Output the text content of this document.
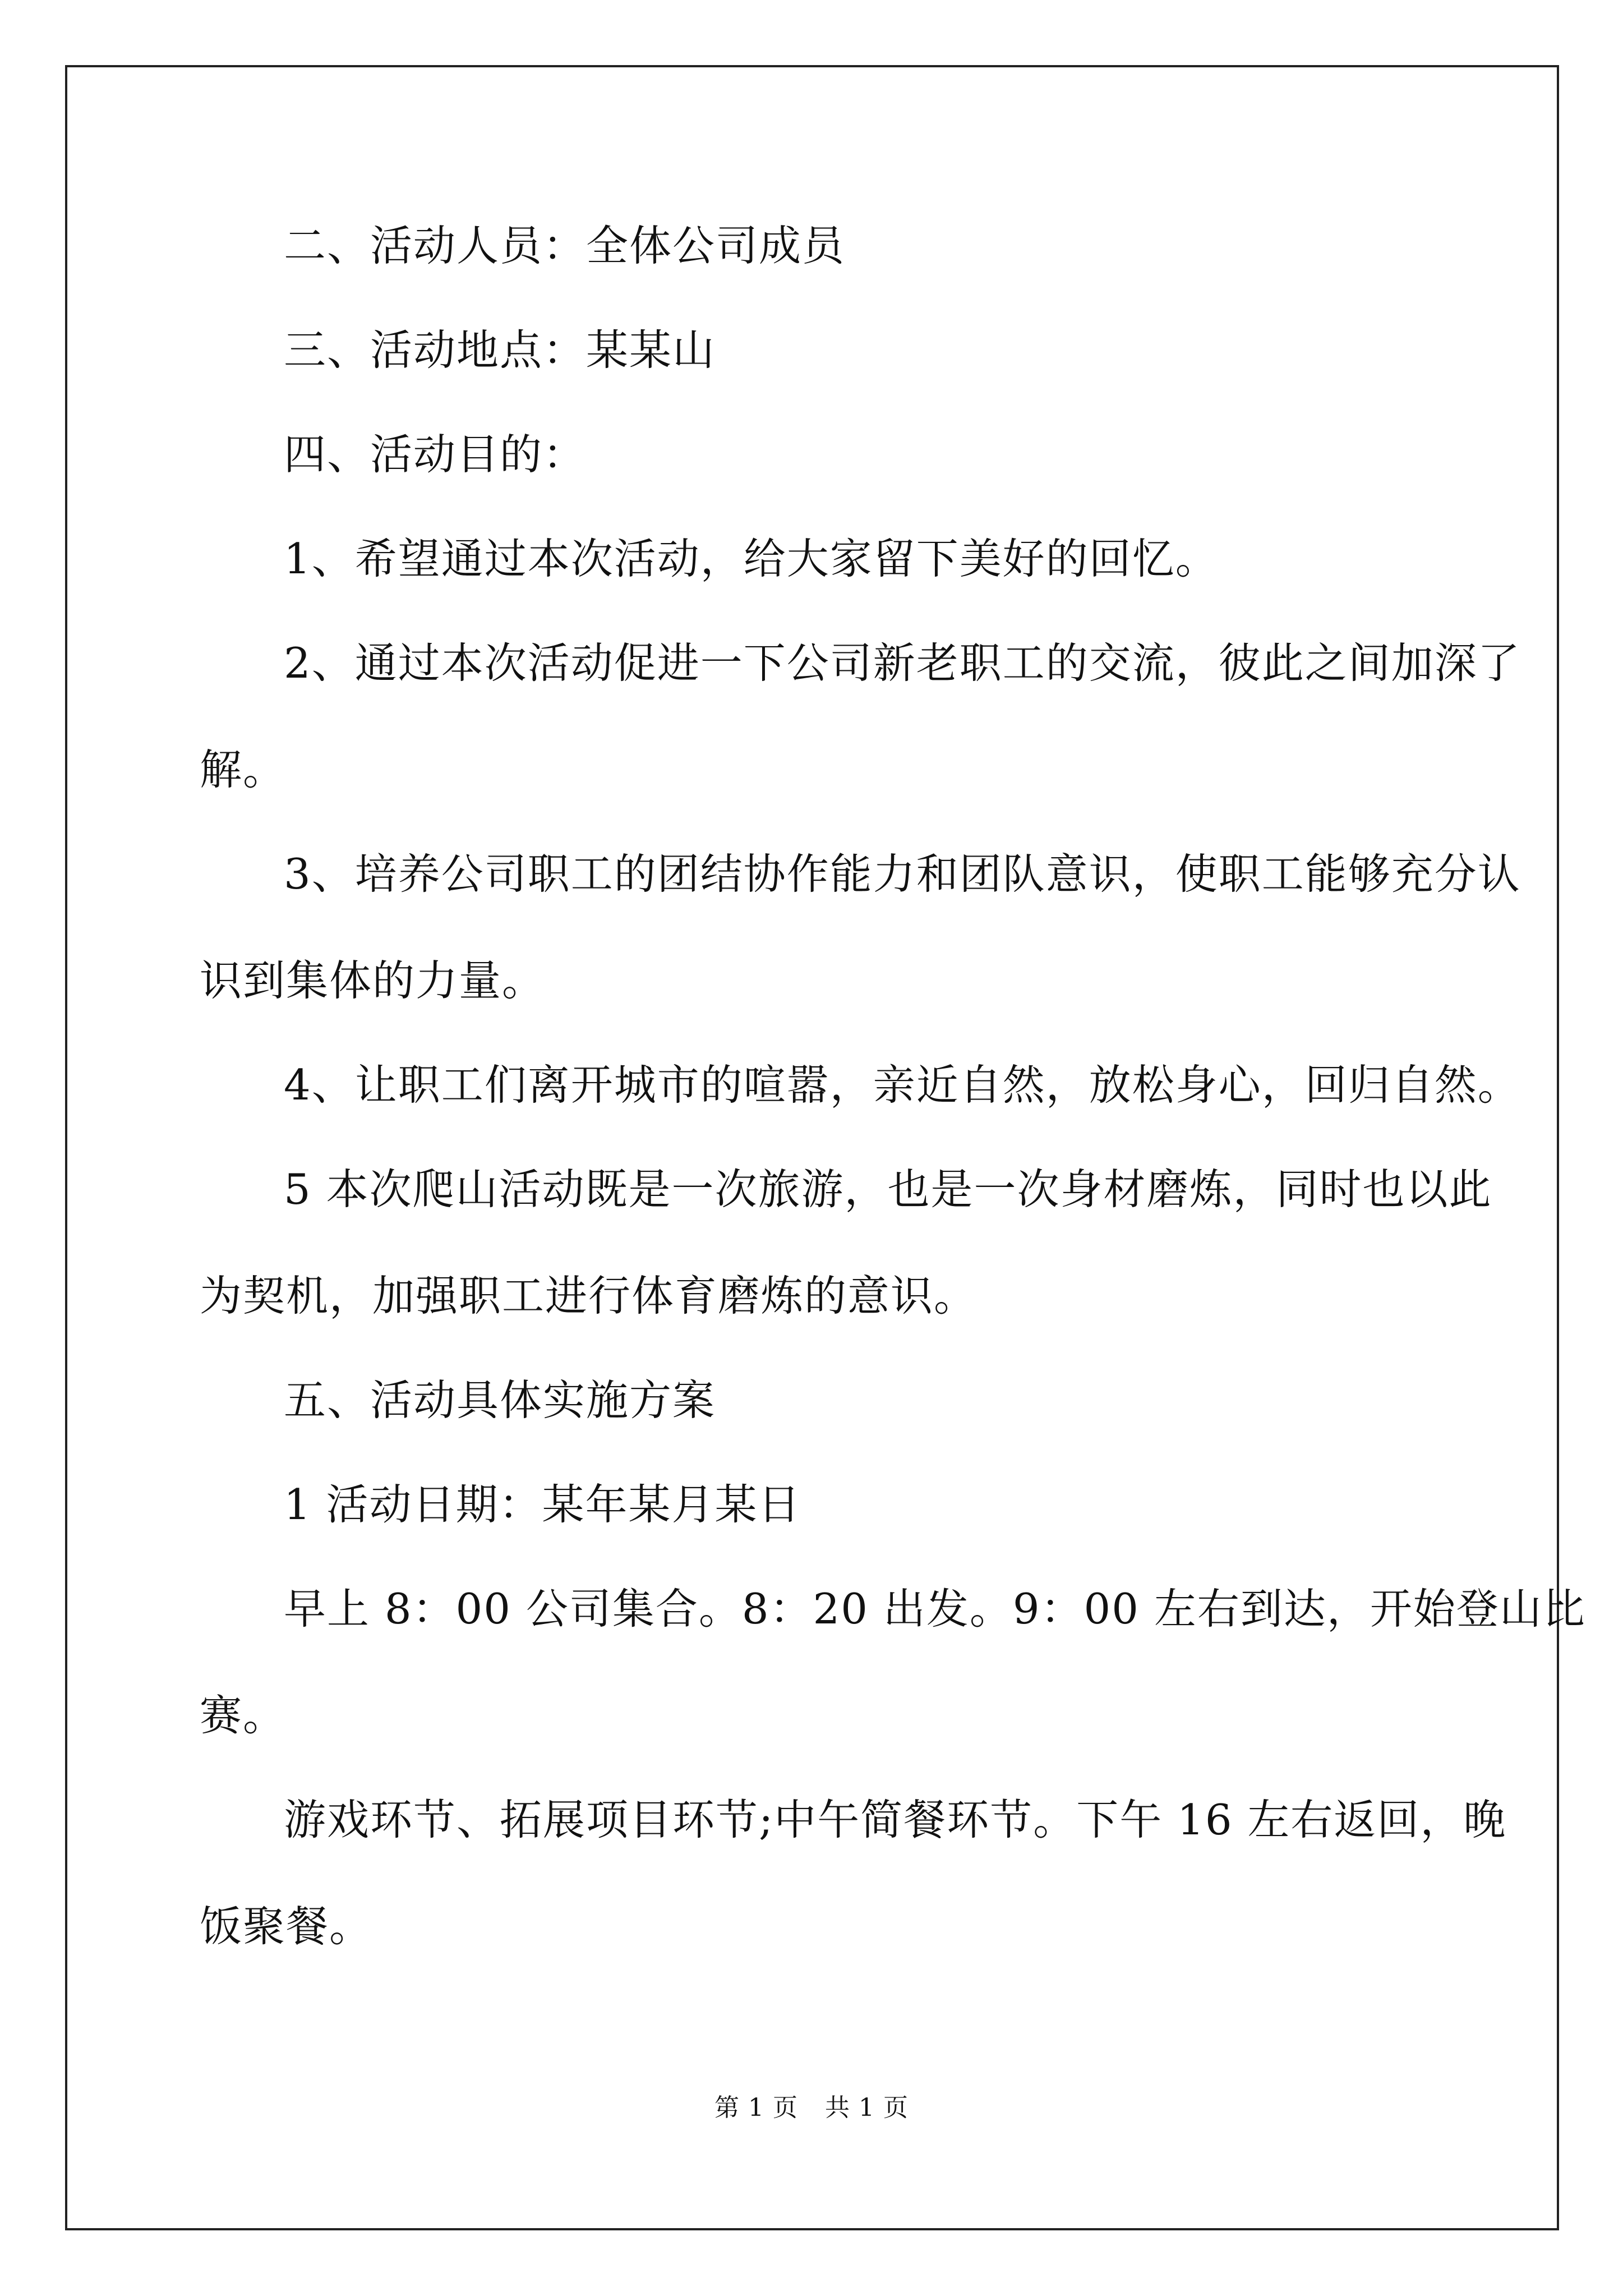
二、活动人员：全体公司成员

三、活动地点：某某山

四、活动目的：

1、希望通过本次活动，给大家留下美好的回忆。

2、通过本次活动促进一下公司新老职工的交流，彼此之间加深了

解。

3、培养公司职工的团结协作能力和团队意识，使职工能够充分认

识到集体的力量。

4、让职工们离开城市的喧嚣，亲近自然，放松身心，回归自然。

5 本次爬山活动既是一次旅游，也是一次身材磨炼，同时也以此

为契机，加强职工进行体育磨炼的意识。

五、活动具体实施方案

1 活动日期：某年某月某日

早上 8：00 公司集合。8：20 出发。9：00 左右到达，开始登山比

赛。

游戏环节、拓展项目环节;中午简餐环节。下午 16 左右返回，晚

饭聚餐。

第 1 页 共 1 页
